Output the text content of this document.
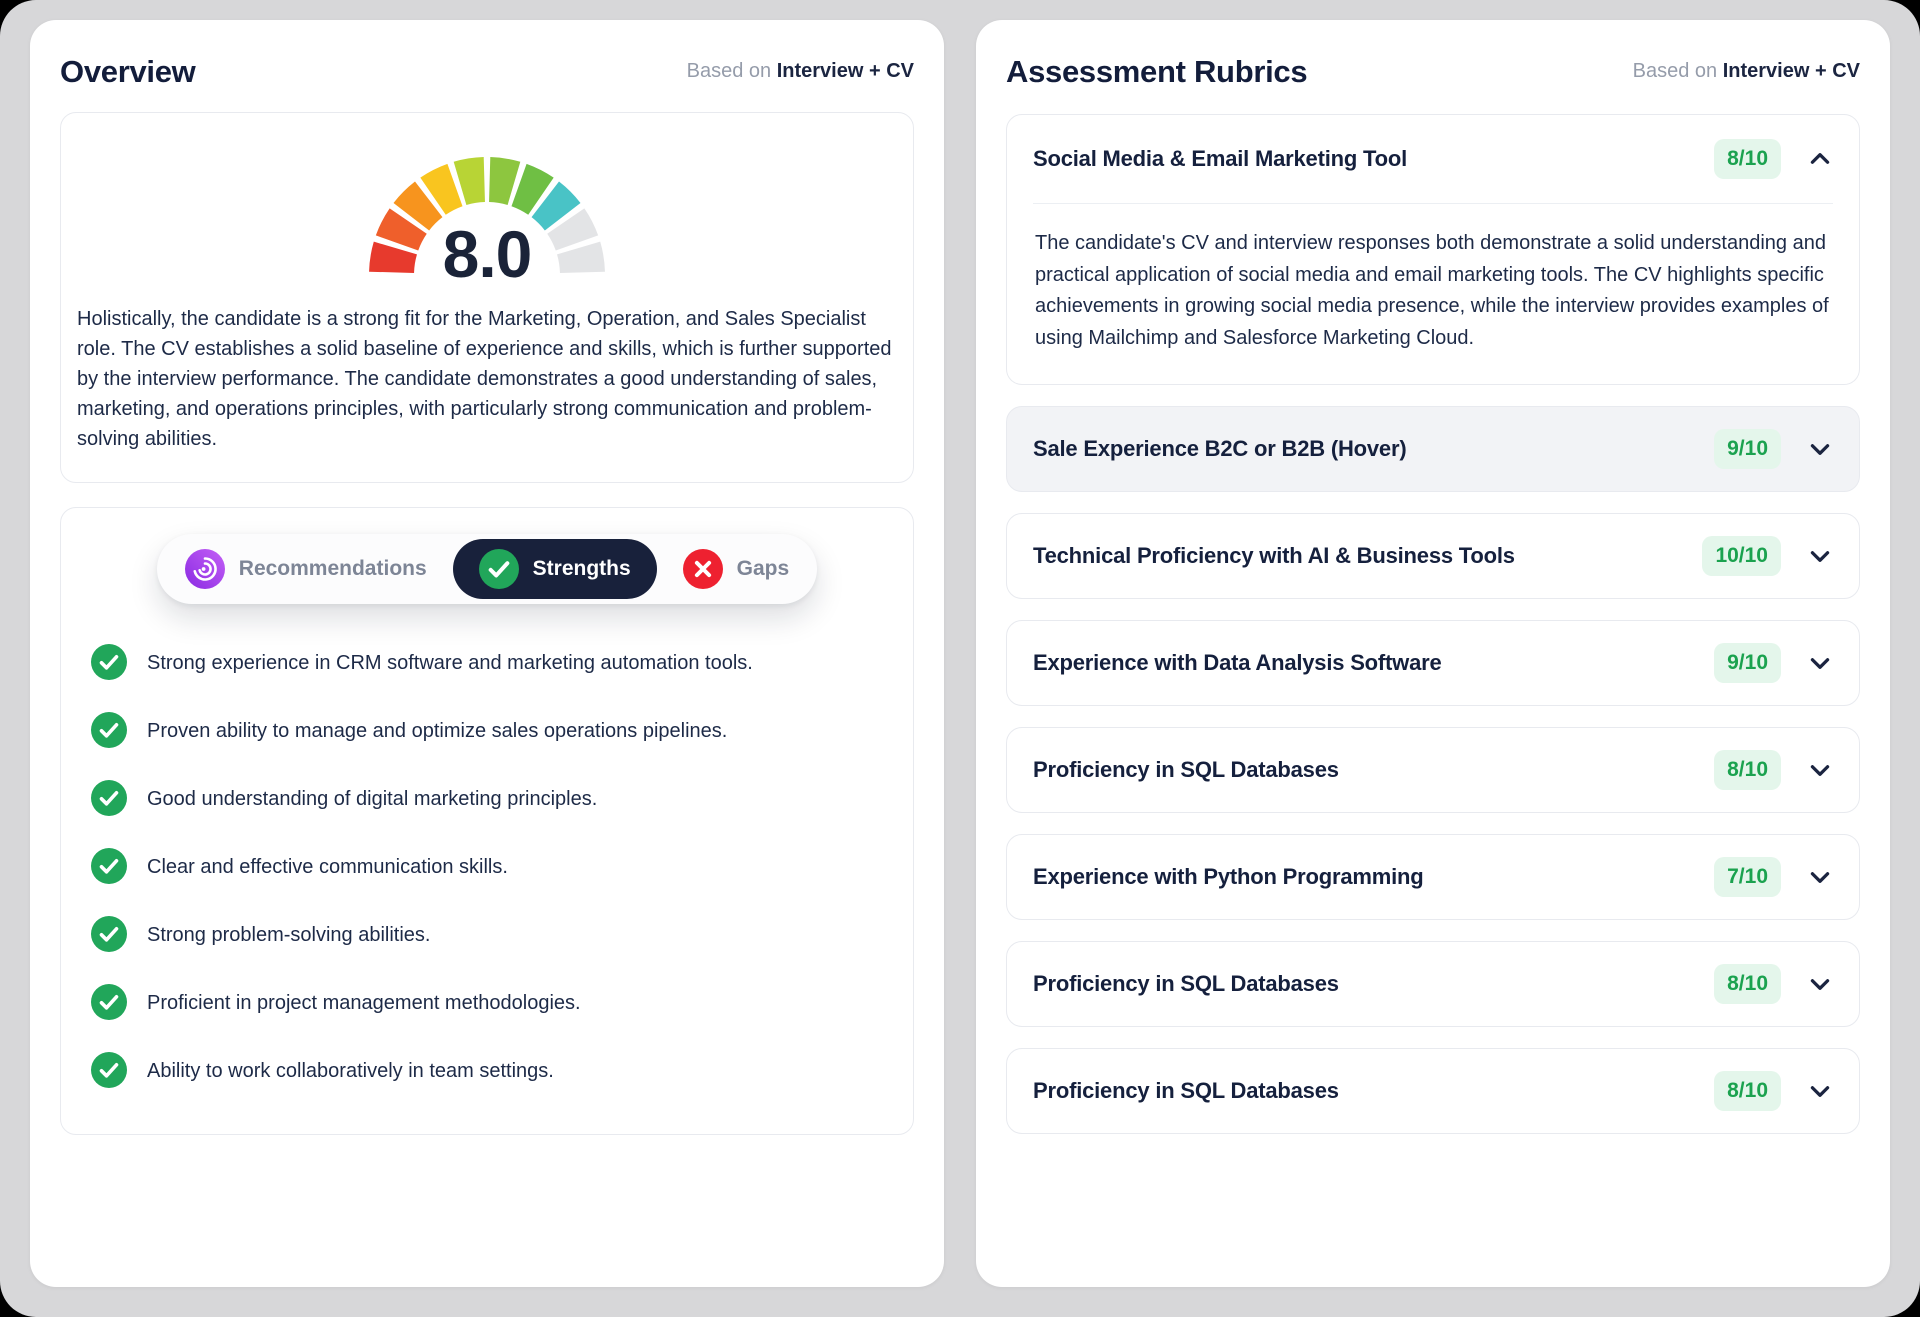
Overview	Based on Interview + CV
8.0

Holistically, the candidate is a strong fit for the Marketing, Operation, and Sales Specialist role. The CV establishes a solid baseline of experience and skills, which is further supported by the interview performance. The candidate demonstrates a good understanding of sales, marketing, and operations principles, with particularly strong communication and problem-solving abilities.

Recommendations	Strengths	Gaps
Strong experience in CRM software and marketing automation tools.
Proven ability to manage and optimize sales operations pipelines.
Good understanding of digital marketing principles.
Clear and effective communication skills.
Strong problem-solving abilities.
Proficient in project management methodologies.
Ability to work collaboratively in team settings.
Assessment Rubrics	Based on Interview + CV
Social Media & Email Marketing Tool	8/10
The candidate's CV and interview responses both demonstrate a solid understanding and practical application of social media and email marketing tools. The CV highlights specific achievements in growing social media presence, while the interview provides examples of using Mailchimp and Salesforce Marketing Cloud.
Sale Experience B2C or B2B (Hover)	9/10
Technical Proficiency with AI & Business Tools	10/10
Experience with Data Analysis Software	9/10
Proficiency in SQL Databases	8/10
Experience with Python Programming	7/10
Proficiency in SQL Databases	8/10
Proficiency in SQL Databases	8/10
